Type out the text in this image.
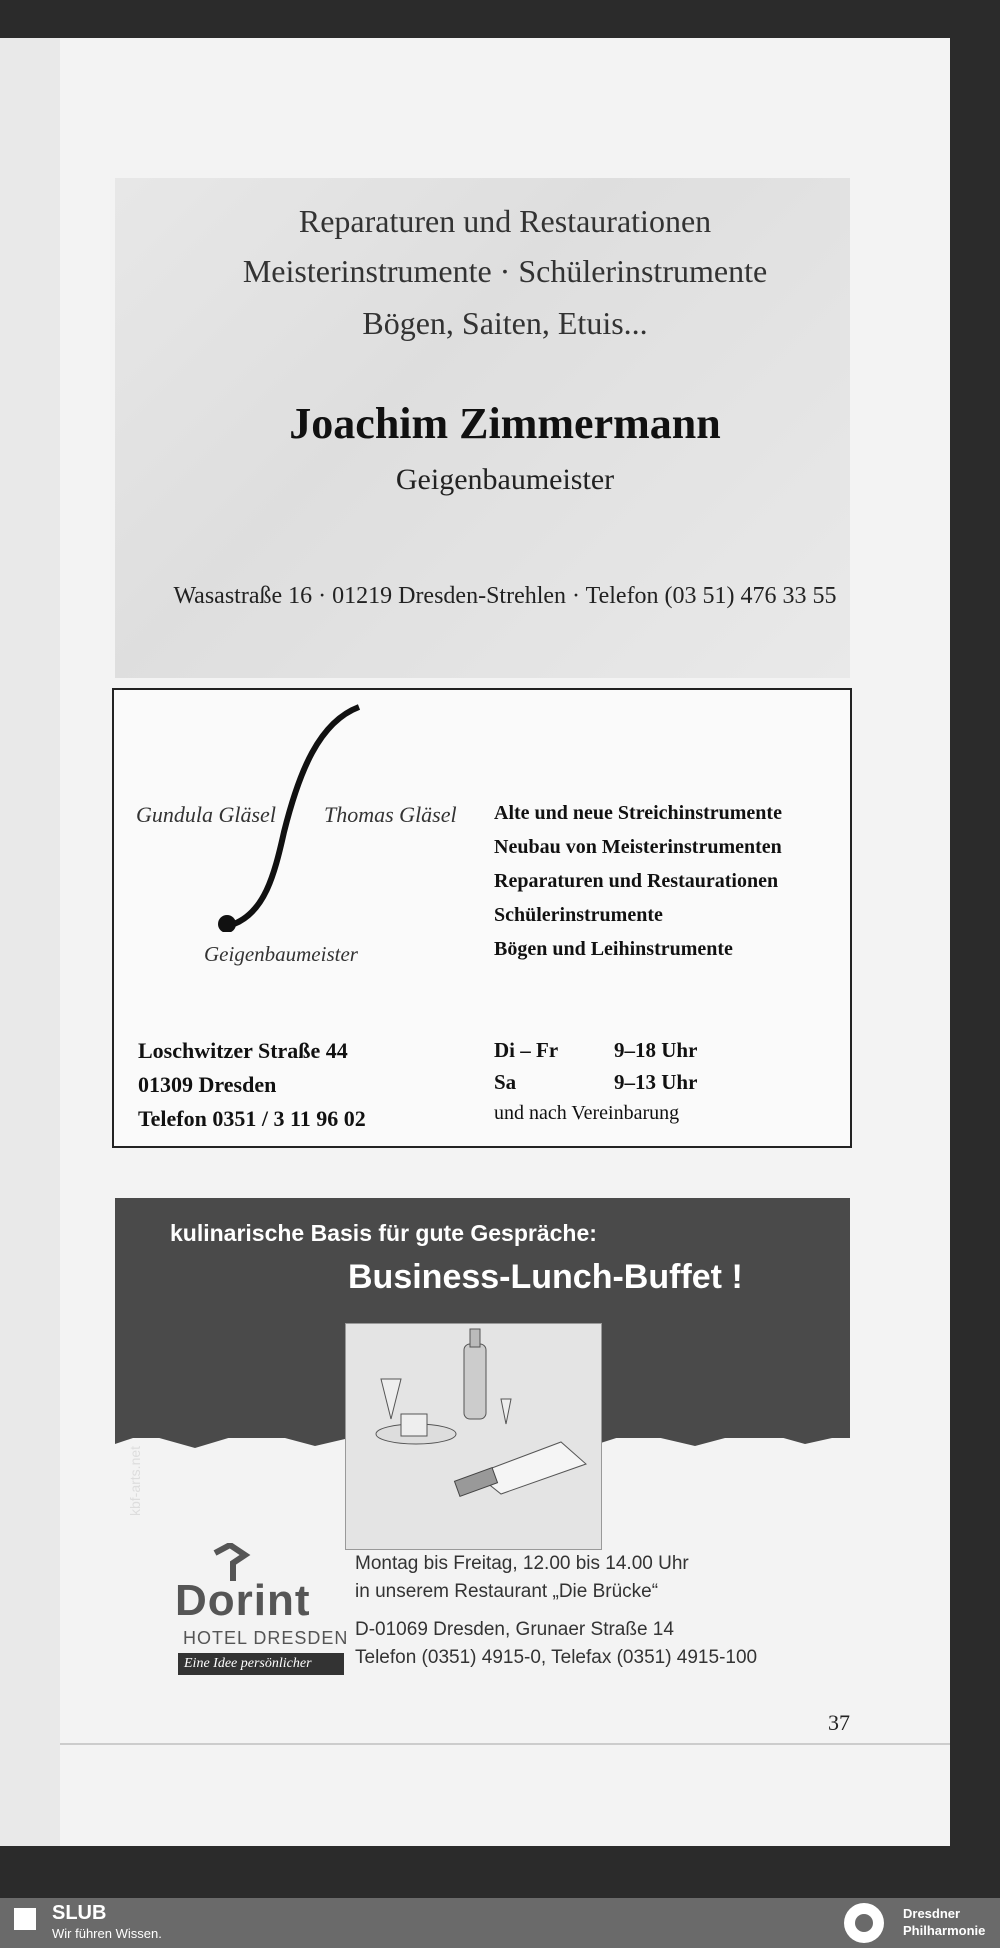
Reparaturen und Restaurationen
Meisterinstrumente · Schülerinstrumente
Bögen, Saiten, Etuis...
Joachim Zimmermann
Geigenbaumeister
Wasastraße 16 · 01219 Dresden-Strehlen · Telefon (03 51) 476 33 55
Gundula Gläsel Thomas Gläsel
Geigenbaumeister
Alte und neue Streichinstrumente
Neubau von Meisterinstrumenten
Reparaturen und Restaurationen
Schülerinstrumente
Bögen und Leihinstrumente
Loschwitzer Straße 44
01309 Dresden
Telefon 0351 / 3 11 96 02
Di – Fr	9–18 Uhr
Sa	9–13 Uhr
und nach Vereinbarung
kulinarische Basis für gute Gespräche:
Business-Lunch-Buffet !
kbf-arts.net
Dorint
HOTEL DRESDEN
Eine Idee persönlicher
Montag bis Freitag, 12.00 bis 14.00 Uhr
in unserem Restaurant „Die Brücke“
D-01069 Dresden, Grunaer Straße 14
Telefon (0351) 4915-0, Telefax (0351) 4915-100
37
SLUB
Wir führen Wissen.
Dresdner
Philharmonie
